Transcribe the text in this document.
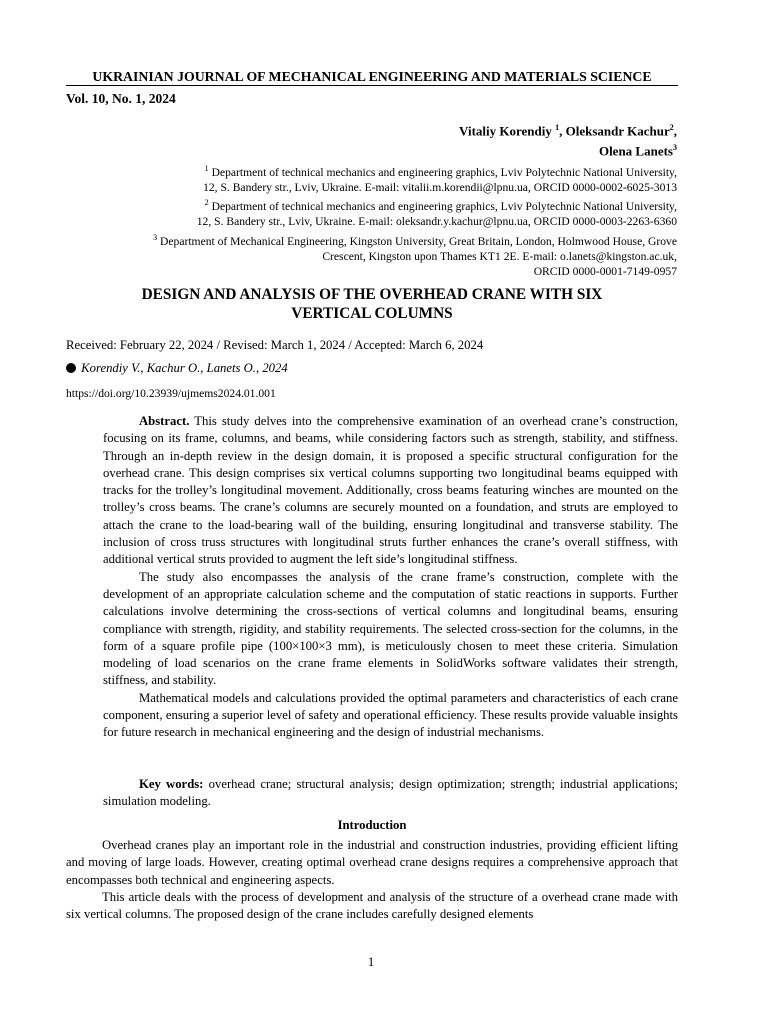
UKRAINIAN JOURNAL OF MECHANICAL ENGINEERING AND MATERIALS SCIENCE
Vol. 10, No. 1, 2024
Vitaliy Korendiy $^1$, Oleksandr Kachur$^2$,
Olena Lanets$^3$

$^1$ Department of technical mechanics and engineering graphics, Lviv Polytechnic National University,
12, S. Bandery str., Lviv, Ukraine. E-mail: vitalii.m.korendii@lpnu.ua, ORCID 0000-0002-6025-3013

$^2$ Department of technical mechanics and engineering graphics, Lviv Polytechnic National University,
12, S. Bandery str., Lviv, Ukraine. E-mail: oleksandr.y.kachur@lpnu.ua, ORCID 0000-0003-2263-6360

$^3$ Department of Mechanical Engineering, Kingston University, Great Britain, London, Holmwood House, Grove
Crescent, Kingston upon Thames KT1 2E. E-mail: o.lanets@kingston.ac.uk,
ORCID 0000-0001-7149-0957

DESIGN AND ANALYSIS OF THE OVERHEAD CRANE WITH SIX
VERTICAL COLUMNS
Received: February 22, 2024 / Revised: March 1, 2024 / Accepted: March 6, 2024
Korendiy V., Kachur O., Lanets O., 2024
https://doi.org/10.23939/ujmems2024.01.001

Abstract. This study delves into the comprehensive examination of an overhead crane’s construction, focusing on its frame, columns, and beams, while considering factors such as strength, stability, and stiffness. Through an in-depth review in the design domain, it is proposed a specific structural configuration for the overhead crane. This design comprises six vertical columns supporting two longitudinal beams equipped with tracks for the trolley’s longitudinal movement. Additionally, cross beams featuring winches are mounted on the trolley’s cross beams. The crane’s columns are securely mounted on a foundation, and struts are employed to attach the crane to the load-bearing wall of the building, ensuring longitudinal and transverse stability. The inclusion of cross truss structures with longitudinal struts further enhances the crane’s overall stiffness, with additional vertical struts provided to augment the left side’s longitudinal stiffness.

The study also encompasses the analysis of the crane frame’s construction, complete with the development of an appropriate calculation scheme and the computation of static reactions in supports. Further calculations involve determining the cross-sections of vertical columns and longitudinal beams, ensuring compliance with strength, rigidity, and stability requirements. The selected cross-section for the columns, in the form of a square profile pipe (100×100×3 mm), is meticulously chosen to meet these criteria. Simulation modeling of load scenarios on the crane frame elements in SolidWorks software validates their strength, stiffness, and stability.

Mathematical models and calculations provided the optimal parameters and characteristics of each crane component, ensuring a superior level of safety and operational efficiency. These results provide valuable insights for future research in mechanical engineering and the design of industrial mechanisms.

Key words: overhead crane; structural analysis; design optimization; strength; industrial applications; simulation modeling.

Introduction

Overhead cranes play an important role in the industrial and construction industries, providing efficient lifting and moving of large loads. However, creating optimal overhead crane designs requires a comprehensive approach that encompasses both technical and engineering aspects.

This article deals with the process of development and analysis of the structure of a overhead crane made with six vertical columns. The proposed design of the crane includes carefully designed elements

1
